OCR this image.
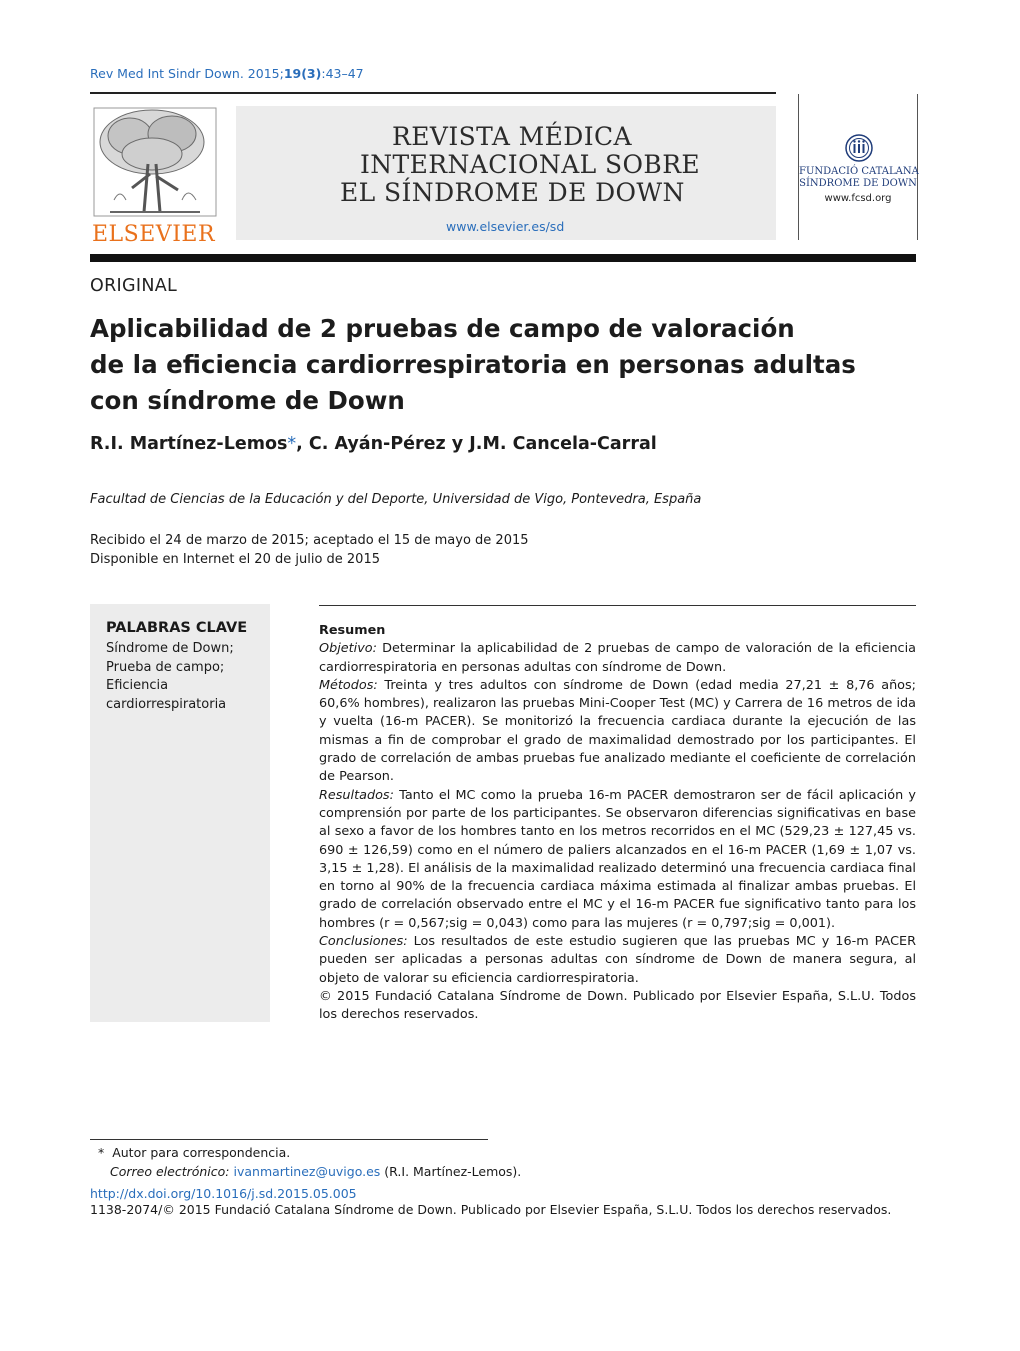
Rev Med Int Sindr Down. 2015;19(3):43–47
ELSEVIER
REVISTA MÉDICA
INTERNACIONAL SOBRE
EL SÍNDROME DE DOWN
www.elsevier.es/sd
FUNDACIÓ CATALANA
SÍNDROME DE DOWN
www.fcsd.org
ORIGINAL
Aplicabilidad de 2 pruebas de campo de valoración
de la eficiencia cardiorrespiratoria en personas adultas
con síndrome de Down
R.I. Martínez-Lemos*, C. Ayán-Pérez y J.M. Cancela-Carral
Facultad de Ciencias de la Educación y del Deporte, Universidad de Vigo, Pontevedra, España
Recibido el 24 de marzo de 2015; aceptado el 15 de mayo de 2015
Disponible en Internet el 20 de julio de 2015
PALABRAS CLAVE
Síndrome de Down;
Prueba de campo;
Eficiencia
cardiorrespiratoria

Resumen

Objetivo: Determinar la aplicabilidad de 2 pruebas de campo de valoración de la eficiencia cardiorrespiratoria en personas adultas con síndrome de Down.

Métodos: Treinta y tres adultos con síndrome de Down (edad media 27,21 ± 8,76 años; 60,6% hombres), realizaron las pruebas Mini-Cooper Test (MC) y Carrera de 16 metros de ida y vuelta (16-m PACER). Se monitorizó la frecuencia cardiaca durante la ejecución de las mismas a fin de comprobar el grado de maximalidad demostrado por los participantes. El grado de correlación de ambas pruebas fue analizado mediante el coeficiente de correlación de Pearson.

Resultados: Tanto el MC como la prueba 16-m PACER demostraron ser de fácil aplicación y comprensión por parte de los participantes. Se observaron diferencias significativas en base al sexo a favor de los hombres tanto en los metros recorridos en el MC (529,23 ± 127,45 vs. 690 ± 126,59) como en el número de paliers alcanzados en el 16-m PACER (1,69 ± 1,07 vs. 3,15 ± 1,28). El análisis de la maximalidad realizado determinó una frecuencia cardiaca final en torno al 90% de la frecuencia cardiaca máxima estimada al finalizar ambas pruebas. El grado de correlación observado entre el MC y el 16-m PACER fue significativo tanto para los hombres (r = 0,567;sig = 0,043) como para las mujeres (r = 0,797;sig = 0,001).

Conclusiones: Los resultados de este estudio sugieren que las pruebas MC y 16-m PACER pueden ser aplicadas a personas adultas con síndrome de Down de manera segura, al objeto de valorar su eficiencia cardiorrespiratoria.

© 2015 Fundació Catalana Síndrome de Down. Publicado por Elsevier España, S.L.U. Todos los derechos reservados.

* Autor para correspondencia.
Correo electrónico: ivanmartinez@uvigo.es (R.I. Martínez-Lemos).
http://dx.doi.org/10.1016/j.sd.2015.05.005
1138-2074/© 2015 Fundació Catalana Síndrome de Down. Publicado por Elsevier España, S.L.U. Todos los derechos reservados.
